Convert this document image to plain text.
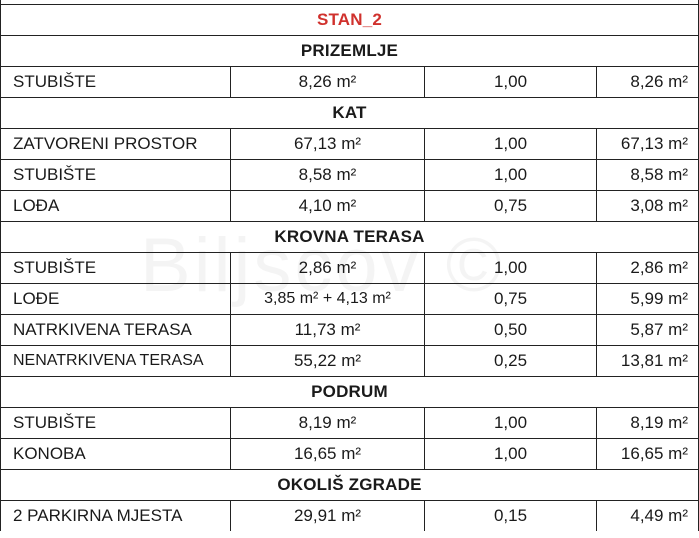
STAN_2
PRIZEMLJE
STUBIŠTE	8,26 m²	1,00	8,26 m²
KAT
ZATVORENI PROSTOR	67,13 m²	1,00	67,13 m²
STUBIŠTE	8,58 m²	1,00	8,58 m²
LOĐA	4,10 m²	0,75	3,08 m²
KROVNA TERASA
STUBIŠTE	2,86 m²	1,00	2,86 m²
LOĐE	3,85 m² + 4,13 m²	0,75	5,99 m²
NATRKIVENA TERASA	11,73 m²	0,50	5,87 m²
NENATRKIVENA TERASA	55,22 m²	0,25	13,81 m²
PODRUM
STUBIŠTE	8,19 m²	1,00	8,19 m²
KONOBA	16,65 m²	1,00	16,65 m²
OKOLIŠ ZGRADE
2 PARKIRNA MJESTA	29,91 m²	0,15	4,49 m²
